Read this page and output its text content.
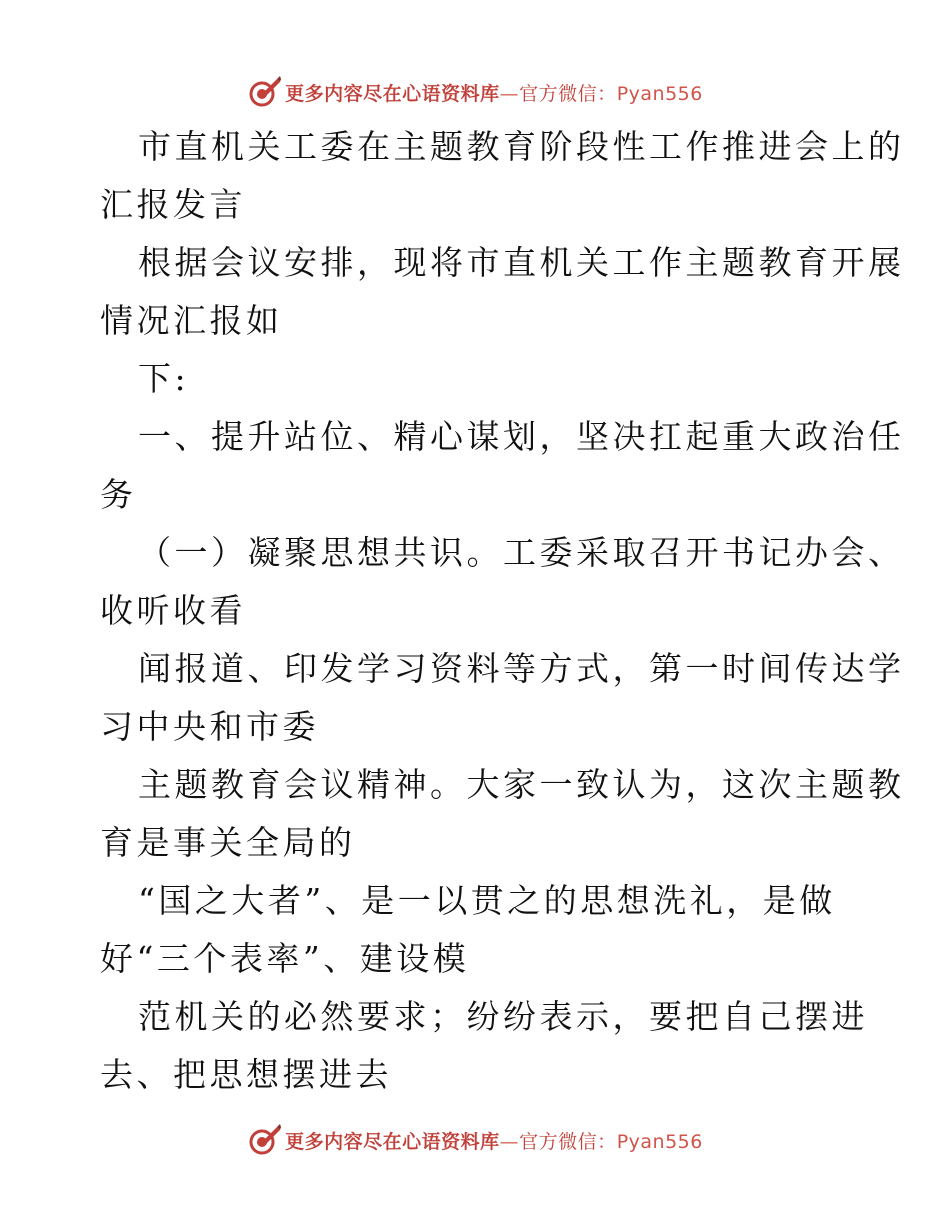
更多内容尽在心语资料库—官方微信：Pyan556
市直机关工委在主题教育阶段性工作推进会上的
汇报发言
根据会议安排，现将市直机关工作主题教育开展
情况汇报如
下:
一、提升站位、精心谋划，坚决扛起重大政治任
务
（一）凝聚思想共识。工委采取召开书记办会、
收听收看
闻报道、印发学习资料等方式，第一时间传达学
习中央和市委
主题教育会议精神。大家一致认为，这次主题教
育是事关全局的
“国之大者”、是一以贯之的思想洗礼，是做
好“三个表率”、建设模
范机关的必然要求；纷纷表示，要把自己摆进
去、把思想摆进去
更多内容尽在心语资料库—官方微信：Pyan556
